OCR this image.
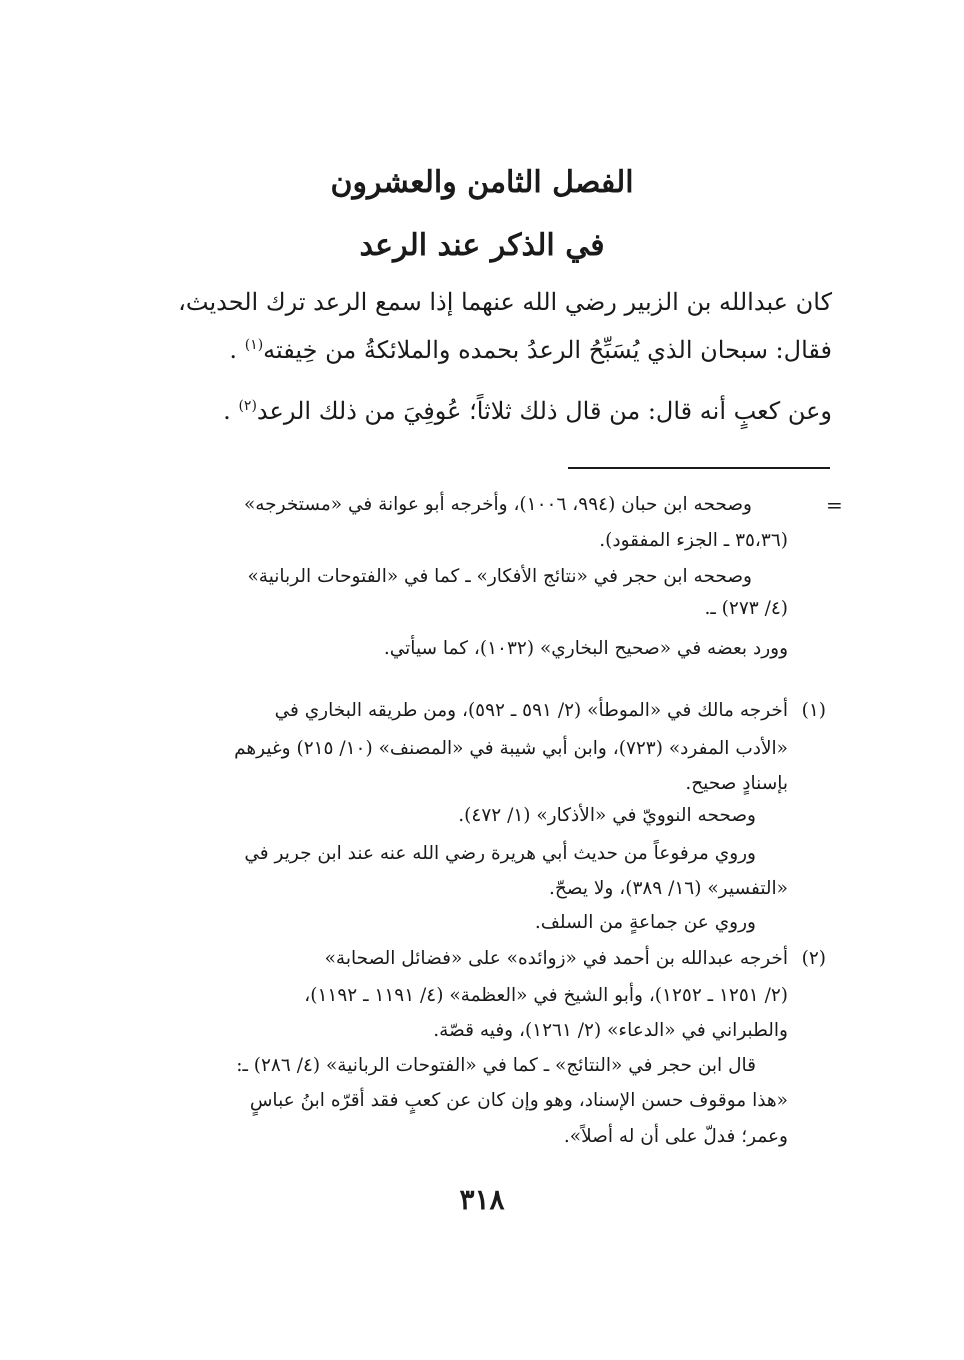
الفصل الثامن والعشرون
في الذكر عند الرعد

كان عبدالله بن الزبير رضي الله عنهما إذا سمع الرعد ترك الحديث،

فقال: سبحان الذي يُسَبِّحُ الرعدُ بحمده والملائكةُ من خِيفته$^{(١)}$ .

وعن كعبٍ أنه قال: من قال ذلك ثلاثاً؛ عُوفِيَ من ذلك الرعد$^{(٢)}$ .

=

وصححه ابن حبان (٩٩٤، ١٠٠٦)، وأخرجه أبو عوانة في «مستخرجه»

(٣٥،٣٦ ـ الجزء المفقود).

وصححه ابن حجر في «نتائج الأفكار» ـ كما في «الفتوحات الربانية»

(٤/ ٢٧٣) ـ.

وورد بعضه في «صحيح البخاري» (١٠٣٢)، كما سيأتي.

(١)

أخرجه مالك في «الموطأ» (٢/ ٥٩١ ـ ٥٩٢)، ومن طريقه البخاري في

«الأدب المفرد» (٧٢٣)، وابن أبي شيبة في «المصنف» (١٠/ ٢١٥) وغيرهم

بإسنادٍ صحيح.

وصححه النوويّ في «الأذكار» (١/ ٤٧٢).

وروي مرفوعاً من حديث أبي هريرة رضي الله عنه عند ابن جرير في

«التفسير» (١٦/ ٣٨٩)، ولا يصحّ.

وروي عن جماعةٍ من السلف.

(٢)

أخرجه عبدالله بن أحمد في «زوائده» على «فضائل الصحابة»

(٢/ ١٢٥١ ـ ١٢٥٢)، وأبو الشيخ في «العظمة» (٤/ ١١٩١ ـ ١١٩٢)،

والطبراني في «الدعاء» (٢/ ١٢٦١)، وفيه قصّة.

قال ابن حجر في «النتائج» ـ كما في «الفتوحات الربانية» (٤/ ٢٨٦) ـ:

«هذا موقوف حسن الإسناد، وهو وإن كان عن كعبٍ فقد أقرّه ابنُ عباسٍ

وعمر؛ فدلّ على أن له أصلاً».

٣١٨
